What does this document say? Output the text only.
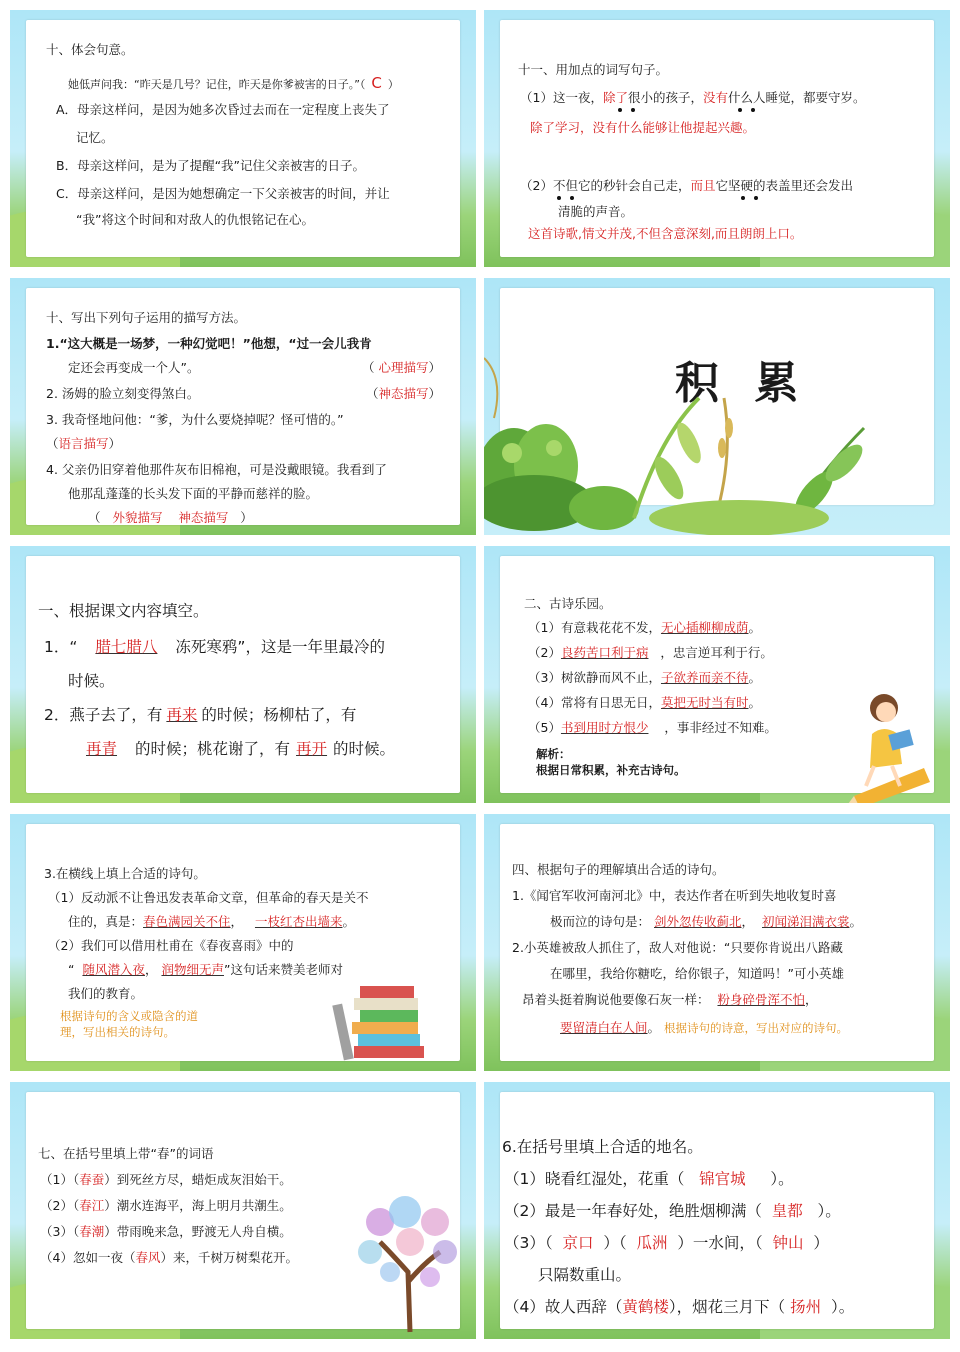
十、体会句意。
她低声问我：“昨天是几号？记住，昨天是你爹被害的日子。”（ C ）
A．母亲这样问，是因为她多次昏过去而在一定程度上丧失了
记忆。
B．母亲这样问，是为了提醒“我”记住父亲被害的日子。
C．母亲这样问，是因为她想确定一下父亲被害的时间，并让
“我”将这个时间和对敌人的仇恨铭记在心。
十一、用加点的词写句子。
（1）这一夜，除了很小的孩子，没有什么人睡觉，都要守岁。
除了学习，没有什么能够让他提起兴趣。
（2）不但它的秒针会自己走，而且它坚硬的表盖里还会发出
清脆的声音。
这首诗歌,情文并茂,不但含意深刻,而且朗朗上口。
十、写出下列句子运用的描写方法。
1.“这大概是一场梦，一种幻觉吧！”他想，“过一会儿我肯
定还会再变成一个人”。	（ 心理描写）
2. 汤姆的脸立刻变得煞白。	（神态描写）
3. 我奇怪地问他：“爹，为什么要烧掉呢？怪可惜的。”
（语言描写）
4. 父亲仍旧穿着他那件灰布旧棉袍，可是没戴眼镜。我看到了
他那乱蓬蓬的长头发下面的平静而慈祥的脸。
（ 外貌描写 神态描写 ）
积 累
一、根据课文内容填空。
1．“ 腊七腊八 冻死寒鸦”，这是一年里最冷的
时候。
2．燕子去了，有 再来 的时候；杨柳枯了，有
再青 的时候；桃花谢了，有 再开 的时候。
二、古诗乐园。
（1）有意栽花花不发，无心插柳柳成荫。
（2）良药苦口利于病 ，忠言逆耳利于行。
（3）树欲静而风不止，子欲养而亲不待。
（4）常将有日思无日，莫把无时当有时。
（5）书到用时方恨少 ，事非经过不知难。
解析：
根据日常积累，补充古诗句。
3.在横线上填上合适的诗句。
（1）反动派不让鲁迅发表革命文章，但革命的春天是关不
住的，真是：春色满园关不住， 一枝红杏出墙来。
（2）我们可以借用杜甫在《春夜喜雨》中的
“ 随风潜入夜， 润物细无声”这句话来赞美老师对
我们的教育。
根据诗句的含义或隐含的道
理，写出相关的诗句。
四、根据句子的理解填出合适的诗句。
1.《闻官军收河南河北》中，表达作者在听到失地收复时喜
极而泣的诗句是： 剑外忽传收蓟北， 初闻涕泪满衣裳。
2.小英雄被敌人抓住了，敌人对他说：“只要你肯说出八路藏
在哪里，我给你糖吃，给你银子，知道吗！”可小英雄
昂着头挺着胸说他要像石灰一样： 粉身碎骨浑不怕，
要留清白在人间。 根据诗句的诗意，写出对应的诗句。
七、在括号里填上带“春”的词语
（1）（春蚕）到死丝方尽，蜡炬成灰泪始干。
（2）（春江）潮水连海平，海上明月共潮生。
（3）（春潮）带雨晚来急，野渡无人舟自横。
（4）忽如一夜（春风）来，千树万树梨花开。
6.在括号里填上合适的地名。
（1）晓看红湿处，花重（ 锦官城 ）。
（2）最是一年春好处，绝胜烟柳满（ 皇都 ）。
（3）（ 京口 ）（ 瓜洲 ）一水间，（ 钟山 ）
只隔数重山。
（4）故人西辞（黄鹤楼），烟花三月下（ 扬州 ）。
